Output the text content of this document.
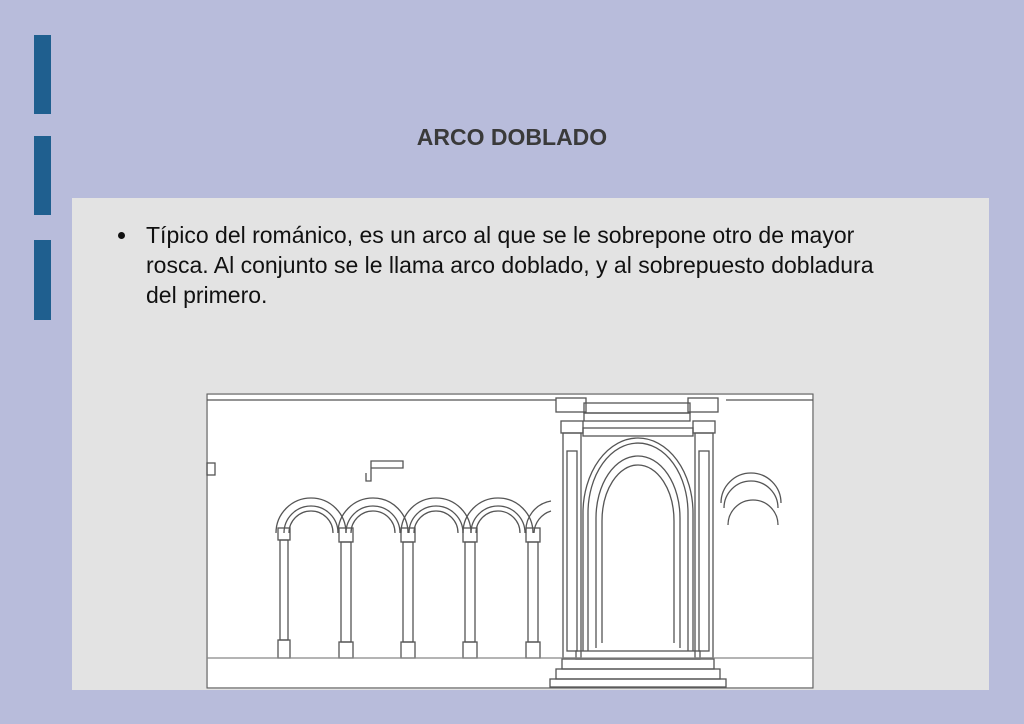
ARCO DOBLADO
Típico del románico, es un arco al que se le sobrepone otro de mayor rosca. Al conjunto se le llama arco doblado, y al sobrepuesto dobladura del primero.
